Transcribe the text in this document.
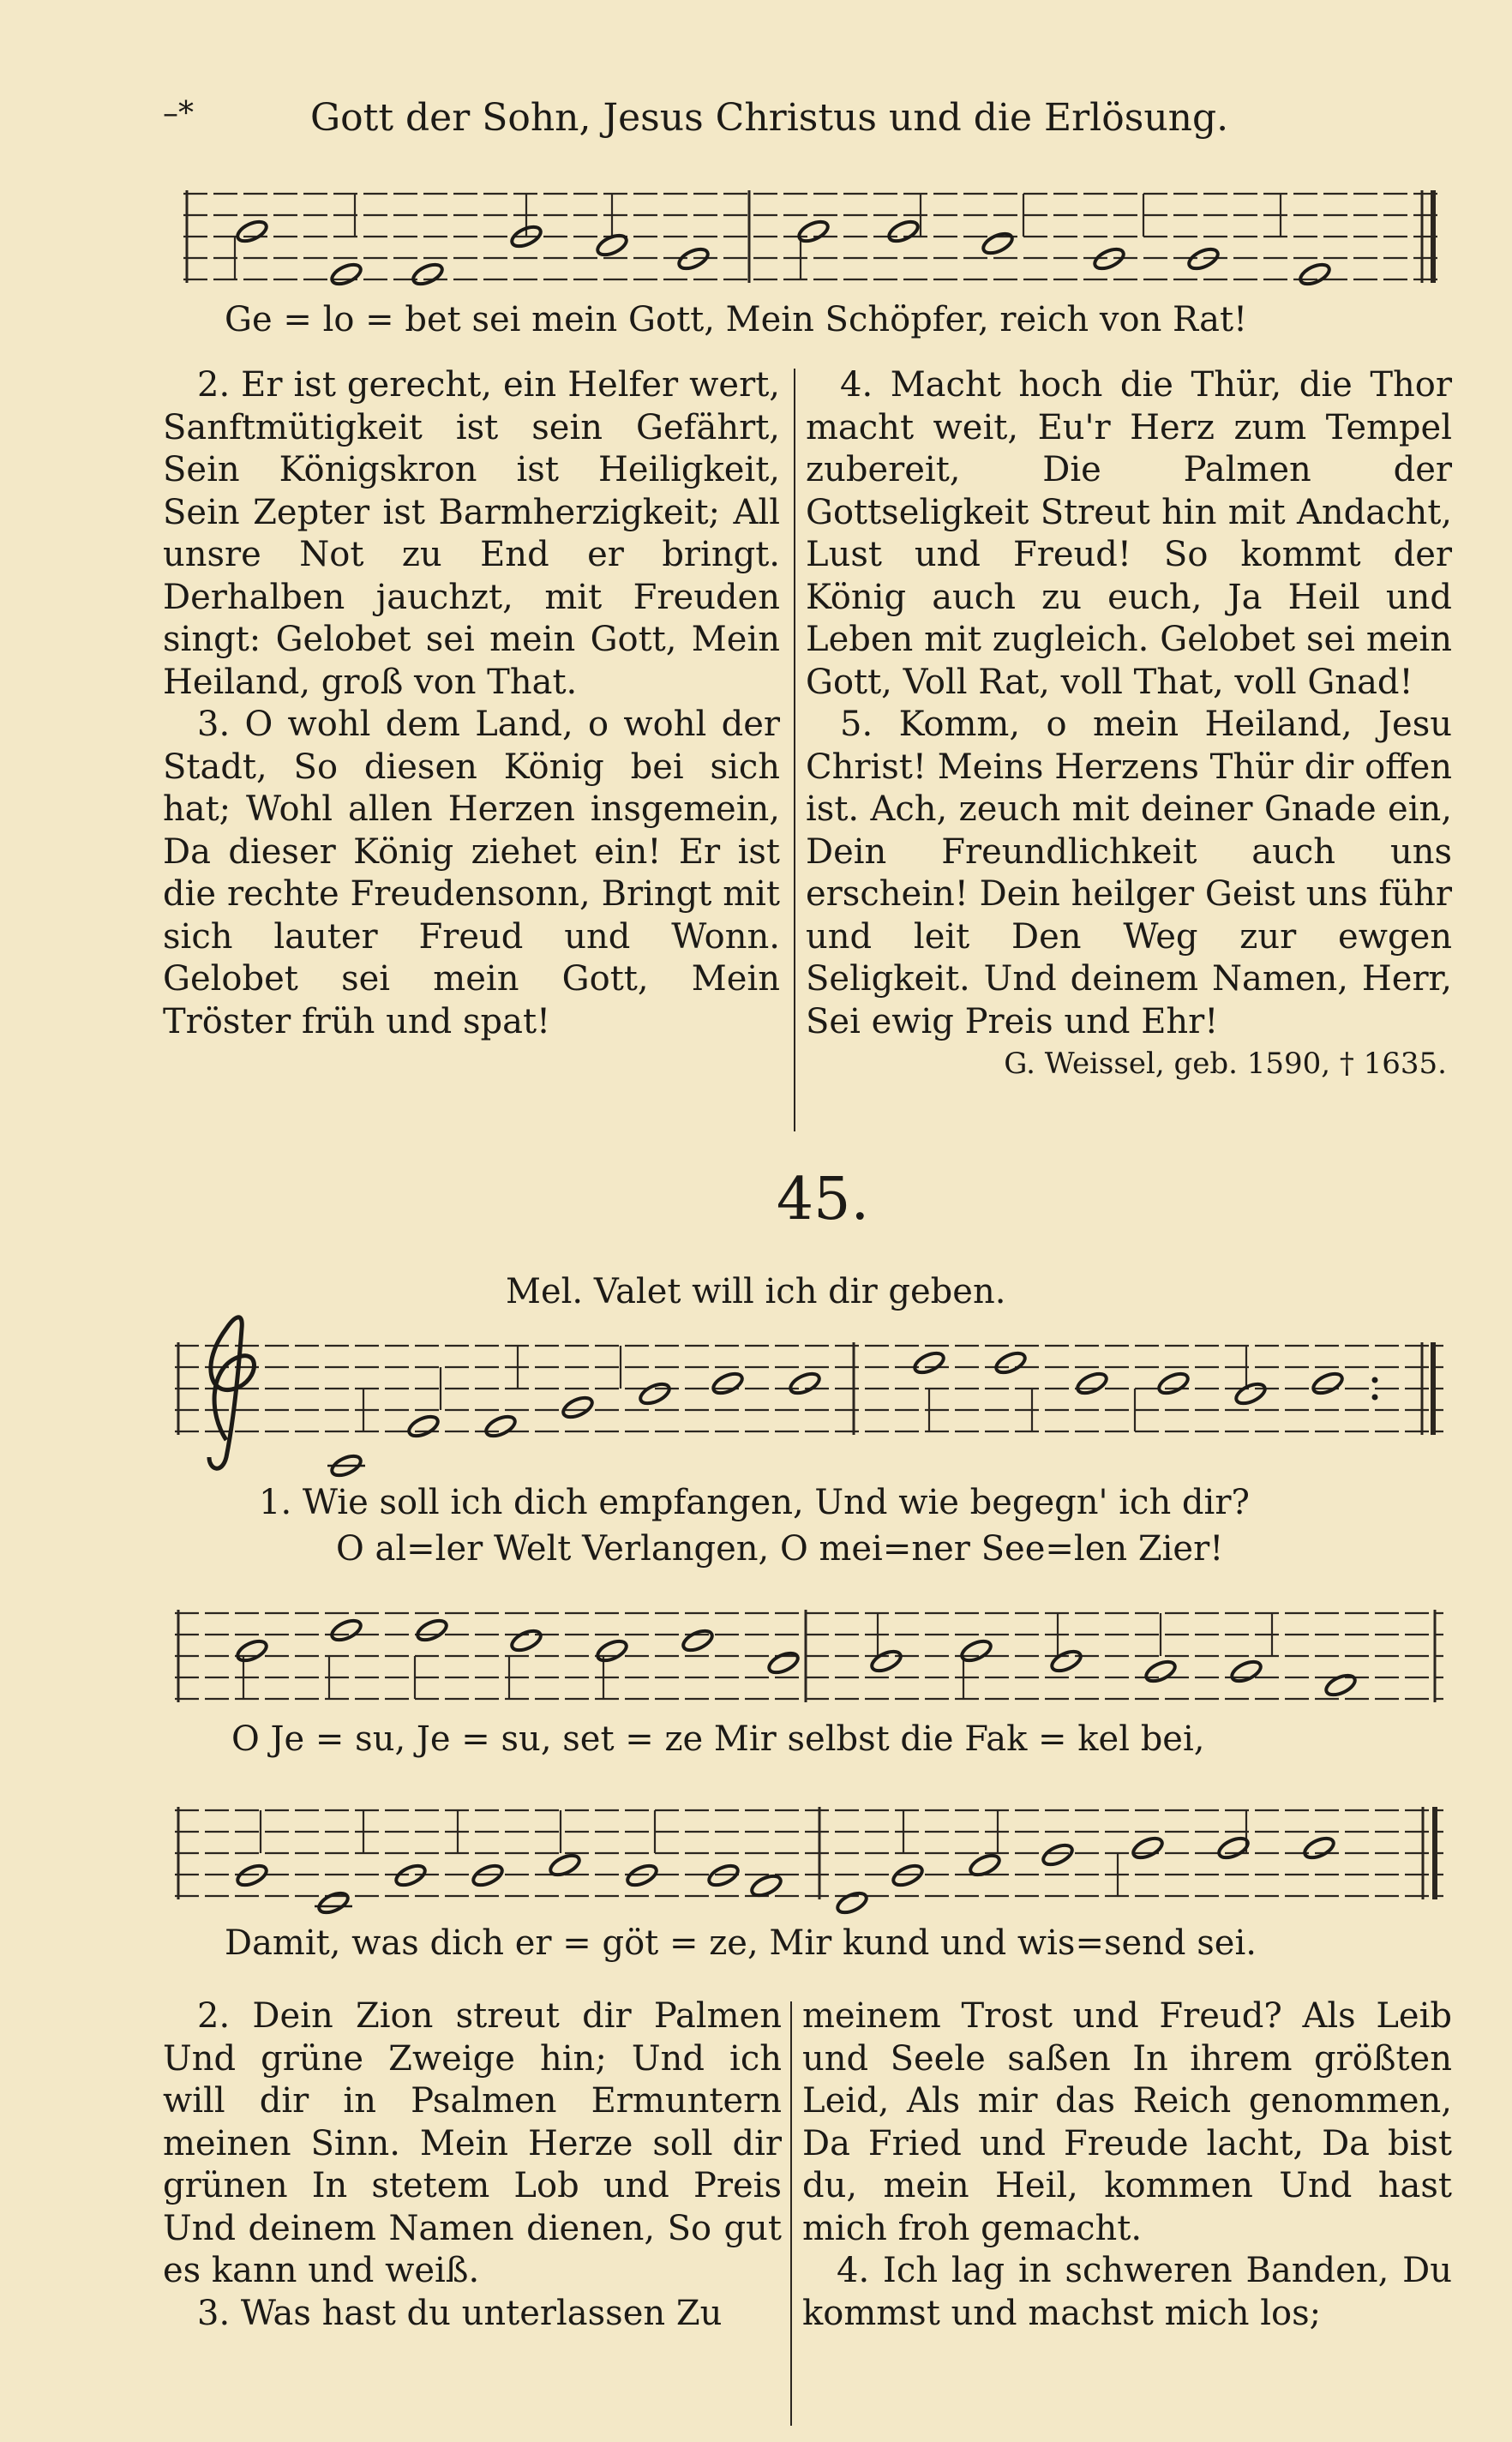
–*	Gott der Sohn, Jesus Christus und die Erlösung.
Ge = lo = bet sei mein Gott, Mein Schöpfer, reich von Rat!

2. Er ist gerecht, ein Helfer wert, Sanftmütigkeit ist sein Gefährt, Sein Königskron ist Heiligkeit, Sein Zepter ist Barmherzigkeit; All unsre Not zu End er bringt. Derhalben jauchzt, mit Freuden singt: Gelobet sei mein Gott, Mein Heiland, groß von That.

3. O wohl dem Land, o wohl der Stadt, So diesen König bei sich hat; Wohl allen Herzen insgemein, Da dieser König ziehet ein! Er ist die rechte Freudensonn, Bringt mit sich lauter Freud und Wonn. Gelobet sei mein Gott, Mein Tröster früh und spat!

4. Macht hoch die Thür, die Thor macht weit, Eu'r Herz zum Tempel zubereit, Die Palmen der Gottseligkeit Streut hin mit Andacht, Lust und Freud! So kommt der König auch zu euch, Ja Heil und Leben mit zugleich. Gelobet sei mein Gott, Voll Rat, voll That, voll Gnad!

5. Komm, o mein Heiland, Jesu Christ! Meins Herzens Thür dir offen ist. Ach, zeuch mit deiner Gnade ein, Dein Freundlichkeit auch uns erschein! Dein heilger Geist uns führ und leit Den Weg zur ewgen Seligkeit. Und deinem Namen, Herr, Sei ewig Preis und Ehr!

G. Weissel, geb. 1590, † 1635.

45.
Mel. Valet will ich dir geben.
1. Wie soll ich dich empfangen, Und wie begegn' ich dir?
O al=ler Welt Verlangen, O mei=ner See=len Zier!
O Je = su, Je = su, set = ze Mir selbst die Fak = kel bei,
Damit, was dich er = göt = ze, Mir kund und wis=send sei.

2. Dein Zion streut dir Palmen Und grüne Zweige hin; Und ich will dir in Psalmen Ermuntern meinen Sinn. Mein Herze soll dir grünen In stetem Lob und Preis Und deinem Namen dienen, So gut es kann und weiß.

3. Was hast du unterlassen Zu

meinem Trost und Freud? Als Leib und Seele saßen In ihrem größten Leid, Als mir das Reich genommen, Da Fried und Freude lacht, Da bist du, mein Heil, kommen Und hast mich froh gemacht.

4. Ich lag in schweren Banden, Du kommst und machst mich los;
